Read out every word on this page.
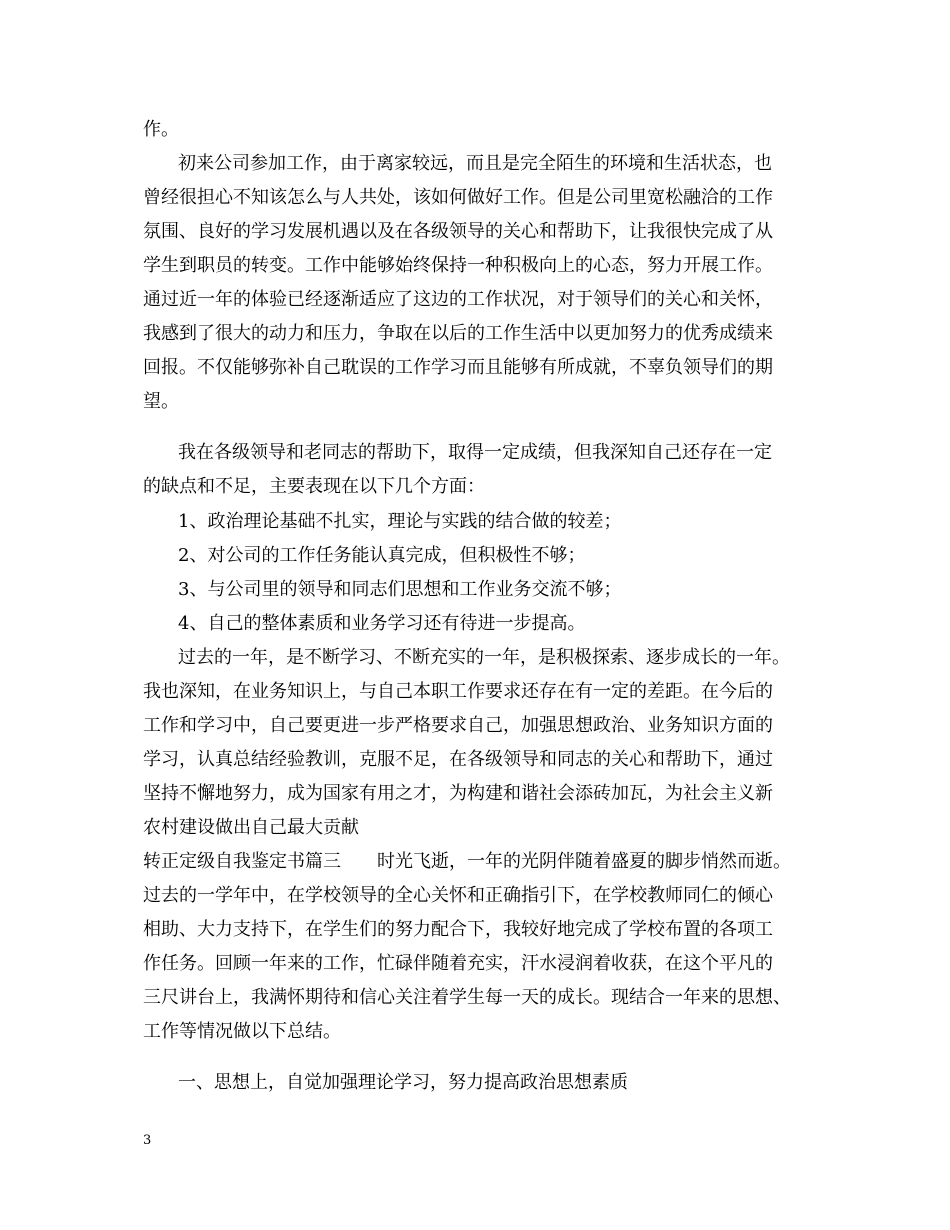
作。
初来公司参加工作，由于离家较远，而且是完全陌生的环境和生活状态，也
曾经很担心不知该怎么与人共处，该如何做好工作。但是公司里宽松融洽的工作
氛围、良好的学习发展机遇以及在各级领导的关心和帮助下，让我很快完成了从
学生到职员的转变。工作中能够始终保持一种积极向上的心态，努力开展工作。
通过近一年的体验已经逐渐适应了这边的工作状况，对于领导们的关心和关怀，
我感到了很大的动力和压力，争取在以后的工作生活中以更加努力的优秀成绩来
回报。不仅能够弥补自己耽误的工作学习而且能够有所成就，不辜负领导们的期
望。
我在各级领导和老同志的帮助下，取得一定成绩，但我深知自己还存在一定
的缺点和不足，主要表现在以下几个方面：
1、政治理论基础不扎实，理论与实践的结合做的较差；
2、对公司的工作任务能认真完成，但积极性不够；
3、与公司里的领导和同志们思想和工作业务交流不够；
4、自己的整体素质和业务学习还有待进一步提高。
过去的一年，是不断学习、不断充实的一年，是积极探索、逐步成长的一年。
我也深知，在业务知识上，与自己本职工作要求还存在有一定的差距。在今后的
工作和学习中，自己要更进一步严格要求自己，加强思想政治、业务知识方面的
学习，认真总结经验教训，克服不足，在各级领导和同志的关心和帮助下，通过
坚持不懈地努力，成为国家有用之才，为构建和谐社会添砖加瓦，为社会主义新
农村建设做出自己最大贡献
转正定级自我鉴定书篇三　　时光飞逝，一年的光阴伴随着盛夏的脚步悄然而逝。
过去的一学年中，在学校领导的全心关怀和正确指引下，在学校教师同仁的倾心
相助、大力支持下，在学生们的努力配合下，我较好地完成了学校布置的各项工
作任务。回顾一年来的工作，忙碌伴随着充实，汗水浸润着收获，在这个平凡的
三尺讲台上，我满怀期待和信心关注着学生每一天的成长。现结合一年来的思想、
工作等情况做以下总结。
一、思想上，自觉加强理论学习，努力提高政治思想素质
3
